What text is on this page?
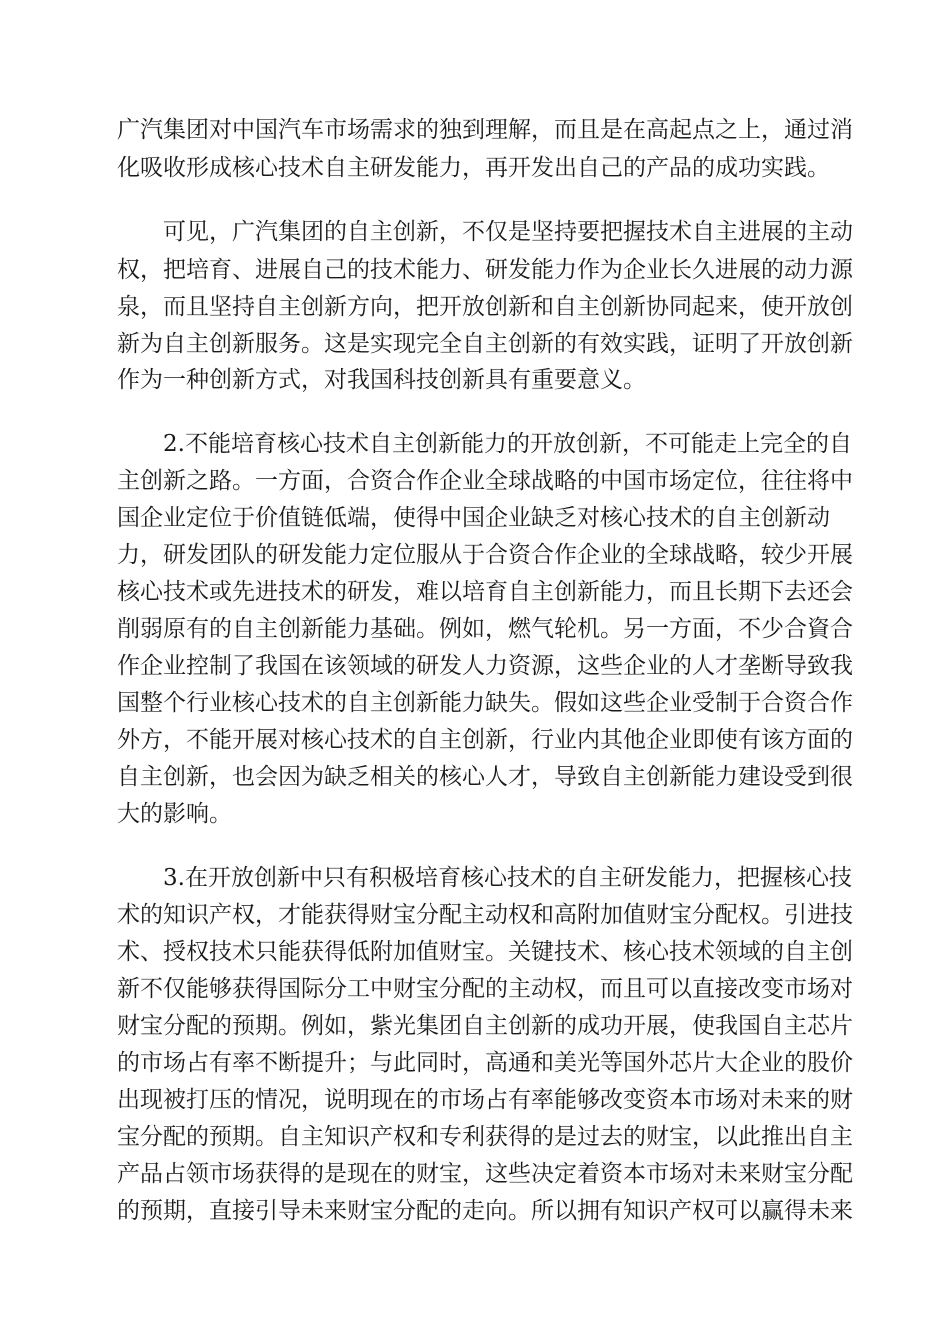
广汽集团对中国汽车市场需求的独到理解，而且是在高起点之上，通过消
化吸收形成核心技术自主研发能力，再开发出自己的产品的成功实践。
可见，广汽集团的自主创新，不仅是坚持要把握技术自主进展的主动
权，把培育、进展自己的技术能力、研发能力作为企业长久进展的动力源
泉，而且坚持自主创新方向，把开放创新和自主创新协同起来，使开放创
新为自主创新服务。这是实现完全自主创新的有效实践，证明了开放创新
作为一种创新方式，对我国科技创新具有重要意义。
2.不能培育核心技术自主创新能力的开放创新，不可能走上完全的自
主创新之路。一方面，合资合作企业全球战略的中国市场定位，往往将中
国企业定位于价值链低端，使得中国企业缺乏对核心技术的自主创新动
力，研发团队的研发能力定位服从于合资合作企业的全球战略，较少开展
核心技术或先进技术的研发，难以培育自主创新能力，而且长期下去还会
削弱原有的自主创新能力基础。例如，燃气轮机。另一方面，不少合資合
作企业控制了我国在该领域的研发人力资源，这些企业的人才垄断导致我
国整个行业核心技术的自主创新能力缺失。假如这些企业受制于合资合作
外方，不能开展对核心技术的自主创新，行业内其他企业即使有该方面的
自主创新，也会因为缺乏相关的核心人才，导致自主创新能力建设受到很
大的影响。
3.在开放创新中只有积极培育核心技术的自主研发能力，把握核心技
术的知识产权，才能获得财宝分配主动权和高附加值财宝分配权。引进技
术、授权技术只能获得低附加值财宝。关键技术、核心技术领域的自主创
新不仅能够获得国际分工中财宝分配的主动权，而且可以直接改变市场对
财宝分配的预期。例如，紫光集团自主创新的成功开展，使我国自主芯片
的市场占有率不断提升；与此同时，高通和美光等国外芯片大企业的股价
出现被打压的情况，说明现在的市场占有率能够改变资本市场对未来的财
宝分配的预期。自主知识产权和专利获得的是过去的财宝，以此推出自主
产品占领市场获得的是现在的财宝，这些决定着资本市场对未来财宝分配
的预期，直接引导未来财宝分配的走向。所以拥有知识产权可以赢得未来
